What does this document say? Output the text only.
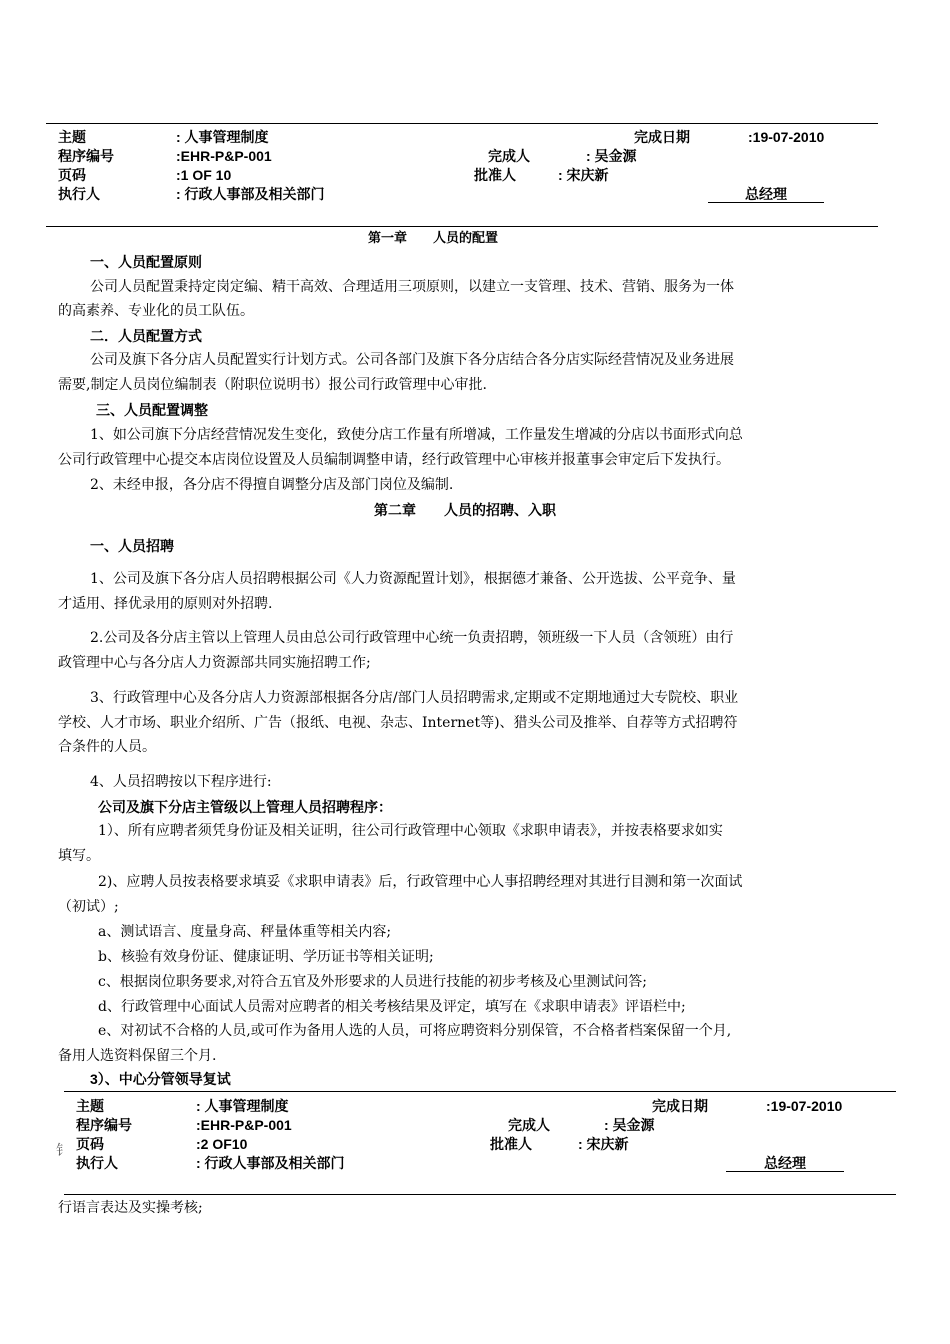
主题	: 人事管理制度	完成日期	:19-07-2010
程序编号	:EHR-P&P-001	完成人	: 吴金源
页码	:1 OF 10	批准人	: 宋庆新
执行人	: 行政人事部及相关部门	总经理
第一章　　人员的配置
一、人员配置原则
公司人员配置秉持定岗定编、精干高效、合理适用三项原则，以建立一支管理、技术、营销、服务为一体
的高素养、专业化的员工队伍。
二．人员配置方式
公司及旗下各分店人员配置实行计划方式。公司各部门及旗下各分店结合各分店实际经营情况及业务进展
需要,制定人员岗位编制表（附职位说明书）报公司行政管理中心审批.
三、人员配置调整
1、如公司旗下分店经营情况发生变化，致使分店工作量有所增减，工作量发生增减的分店以书面形式向总
公司行政管理中心提交本店岗位设置及人员编制调整申请，经行政管理中心审核并报董事会审定后下发执行。
2、未经申报，各分店不得擅自调整分店及部门岗位及编制.
第二章　　人员的招聘、入职
一、人员招聘
1、公司及旗下各分店人员招聘根据公司《人力资源配置计划》，根据德才兼备、公开选拔、公平竞争、量
才适用、择优录用的原则对外招聘.
2.公司及各分店主管以上管理人员由总公司行政管理中心统一负责招聘，领班级一下人员（含领班）由行
政管理中心与各分店人力资源部共同实施招聘工作;
3、行政管理中心及各分店人力资源部根据各分店/部门人员招聘需求,定期或不定期地通过大专院校、职业
学校、人才市场、职业介绍所、广告（报纸、电视、杂志、Internet等)、猎头公司及推举、自荐等方式招聘符
合条件的人员。
4、人员招聘按以下程序进行:
公司及旗下分店主管级以上管理人员招聘程序：
1）、所有应聘者须凭身份证及相关证明，往公司行政管理中心领取《求职申请表》，并按表格要求如实
填写。
2)、应聘人员按表格要求填妥《求职申请表》后，行政管理中心人事招聘经理对其进行目测和第一次面试
（初试）;
a、测试语言、度量身高、秤量体重等相关内容;
b、核验有效身份证、健康证明、学历证书等相关证明;
c、根据岗位职务要求,对符合五官及外形要求的人员进行技能的初步考核及心里测试问答;
d、行政管理中心面试人员需对应聘者的相关考核结果及评定，填写在《求职申请表》评语栏中;
e、对初试不合格的人员,或可作为备用人选的人员，可将应聘资料分别保管，不合格者档案保留一个月,
备用人选资料保留三个月.
3）、中心分管领导复试
主题	: 人事管理制度	完成日期	:19-07-2010
程序编号	:EHR-P&P-001	完成人	: 吴金源
钅 页码	:2 OF10	批准人	: 宋庆新
执行人	: 行政人事部及相关部门	总经理
行语言表达及实操考核;
